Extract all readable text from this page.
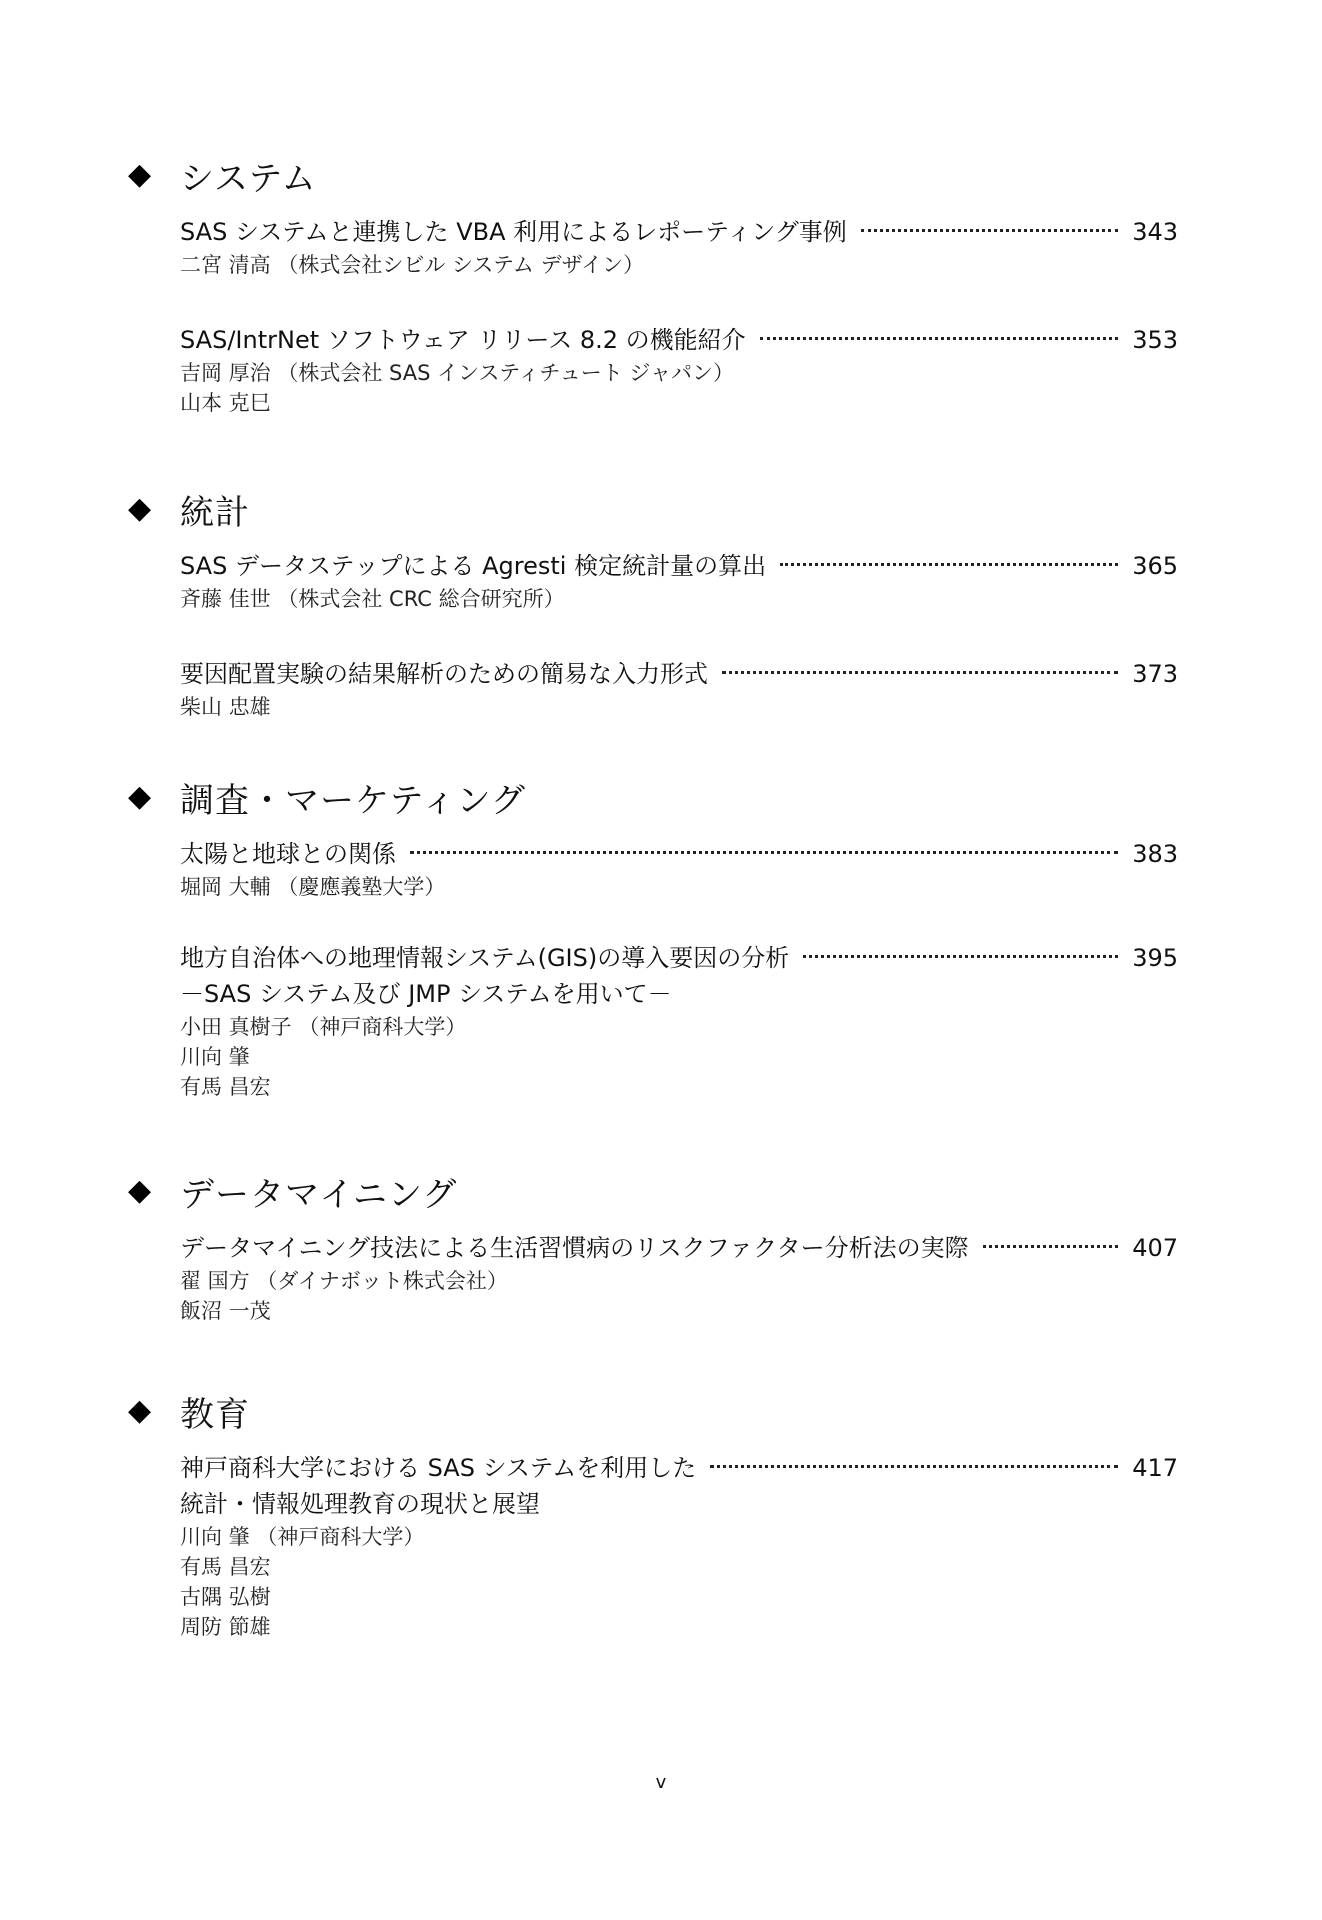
◆ システム
SAS システムと連携した VBA 利用によるレポーティング事例	343
二宮 清高 （株式会社シビル システム デザイン）
SAS/IntrNet ソフトウェア リリース 8.2 の機能紹介	353
吉岡 厚治 （株式会社 SAS インスティチュート ジャパン）
山本 克巳
◆ 統計
SAS データステップによる Agresti 検定統計量の算出	365
斉藤 佳世 （株式会社 CRC 総合研究所）
要因配置実験の結果解析のための簡易な入力形式	373
柴山 忠雄
◆ 調査・マーケティング
太陽と地球との関係	383
堀岡 大輔 （慶應義塾大学）
地方自治体への地理情報システム(GIS)の導入要因の分析	395
－SAS システム及び JMP システムを用いて－
小田 真樹子 （神戸商科大学）
川向 肇
有馬 昌宏
◆ データマイニング
データマイニング技法による生活習慣病のリスクファクター分析法の実際	407
翟 国方 （ダイナボット株式会社）
飯沼 一茂
◆ 教育
神戸商科大学における SAS システムを利用した	417
統計・情報処理教育の現状と展望
川向 肇 （神戸商科大学）
有馬 昌宏
古隅 弘樹
周防 節雄
v
